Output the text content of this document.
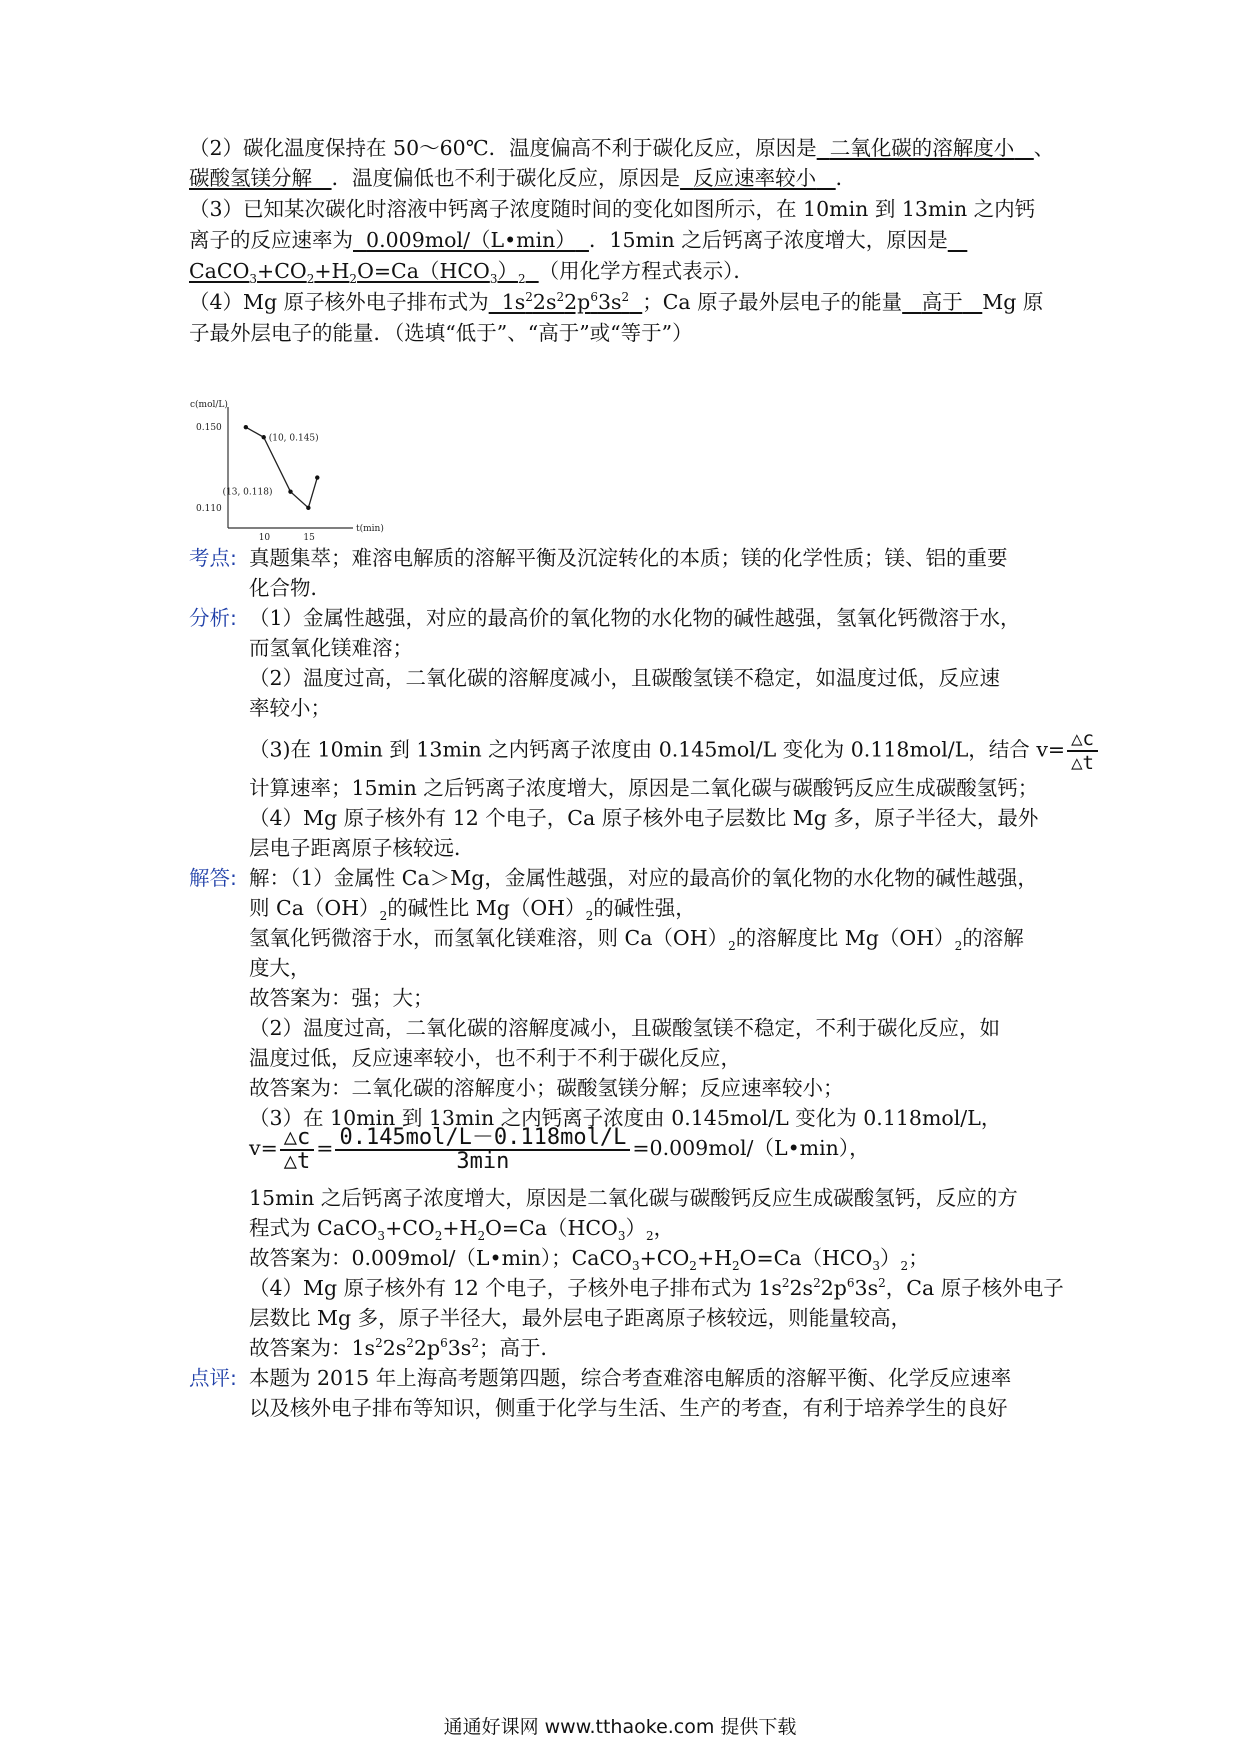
（2）碳化温度保持在 50～60℃．温度偏高不利于碳化反应，原因是 二氧化碳的溶解度小 、
碳酸氢镁分解 ．温度偏低也不利于碳化反应，原因是 反应速率较小 ．
（3）已知某次碳化时溶液中钙离子浓度随时间的变化如图所示，在 10min 到 13min 之内钙
离子的反应速率为 0.009mol/（L•min） ．15min 之后钙离子浓度增大，原因是
$CaCO_3+CO_2+H_2O=Ca(HCO_3)_2$ （用化学方程式表示）．
（4）Mg 原子核外电子排布式为  $1s^22s^22p^63s^2$ ；Ca 原子最外层电子的能量 高于 Mg 原
子最外层电子的能量．（选填“低于”、“高于”或“等于”）
c(mol/L)
t(min)
0.150
0.110
10	15
(10, 0.145)
(13, 0.118)
考点: 真题集萃；难溶电解质的溶解平衡及沉淀转化的本质；镁的化学性质；镁、铝的重要
化合物．
分析: （1）金属性越强，对应的最高价的氧化物的水化物的碱性越强，氢氧化钙微溶于水，
而氢氧化镁难溶；
（2）温度过高，二氧化碳的溶解度减小，且碳酸氢镁不稳定，如温度过低，反应速
率较小；
（3)在 10min 到 13min 之内钙离子浓度由 0.145mol/L 变化为 0.118mol/L，结合 $v= \frac{\triangle c}{\triangle t}$
计算速率；15min 之后钙离子浓度增大，原因是二氧化碳与碳酸钙反应生成碳酸氢钙；
（4）Mg 原子核外有 12 个电子，Ca 原子核外电子层数比 Mg 多，原子半径大，最外
层电子距离原子核较远．
解答: 解：（1）金属性 Ca＞Mg，金属性越强，对应的最高价的氧化物的水化物的碱性越强，
则 $Ca(OH)_2$的碱性比 $Mg(OH)_2$的碱性强，
氢氧化钙微溶于水，而氢氧化镁难溶，则 $Ca(OH)_2$的溶解度比 $Mg(OH)_2$的溶解
度大，
故答案为：强；大；
（2）温度过高，二氧化碳的溶解度减小，且碳酸氢镁不稳定，不利于碳化反应，如
温度过低，反应速率较小，也不利于不利于碳化反应，
故答案为：二氧化碳的溶解度小；碳酸氢镁分解；反应速率较小；
（3）在 10min 到 13min 之内钙离子浓度由 0.145mol/L 变化为 0.118mol/L，
$v= \frac{\triangle c}{\triangle t} = \frac{\text{0.145mol/L－0.118mol/L}}{3\min}$ =0.009mol/（L•min），
15min 之后钙离子浓度增大，原因是二氧化碳与碳酸钙反应生成碳酸氢钙，反应的方
程式为 $CaCO_3+CO_2+H_2O=Ca(HCO_3)_2$，
故答案为：0.009mol/（L•min）；$CaCO_3+CO_2+H_2O=Ca(HCO_3)_2$；
（4）Mg 原子核外有 12 个电子，子核外电子排布式为 $1s^22s^22p^63s^2$，Ca 原子核外电子
层数比 Mg 多，原子半径大，最外层电子距离原子核较远，则能量较高，
故答案为：$1s^22s^22p^63s^2$；高于．
点评: 本题为 2015 年上海高考题第四题，综合考查难溶电解质的溶解平衡、化学反应速率
以及核外电子排布等知识，侧重于化学与生活、生产的考查，有利于培养学生的良好
通通好课网 www.tthaoke.com 提供下载
